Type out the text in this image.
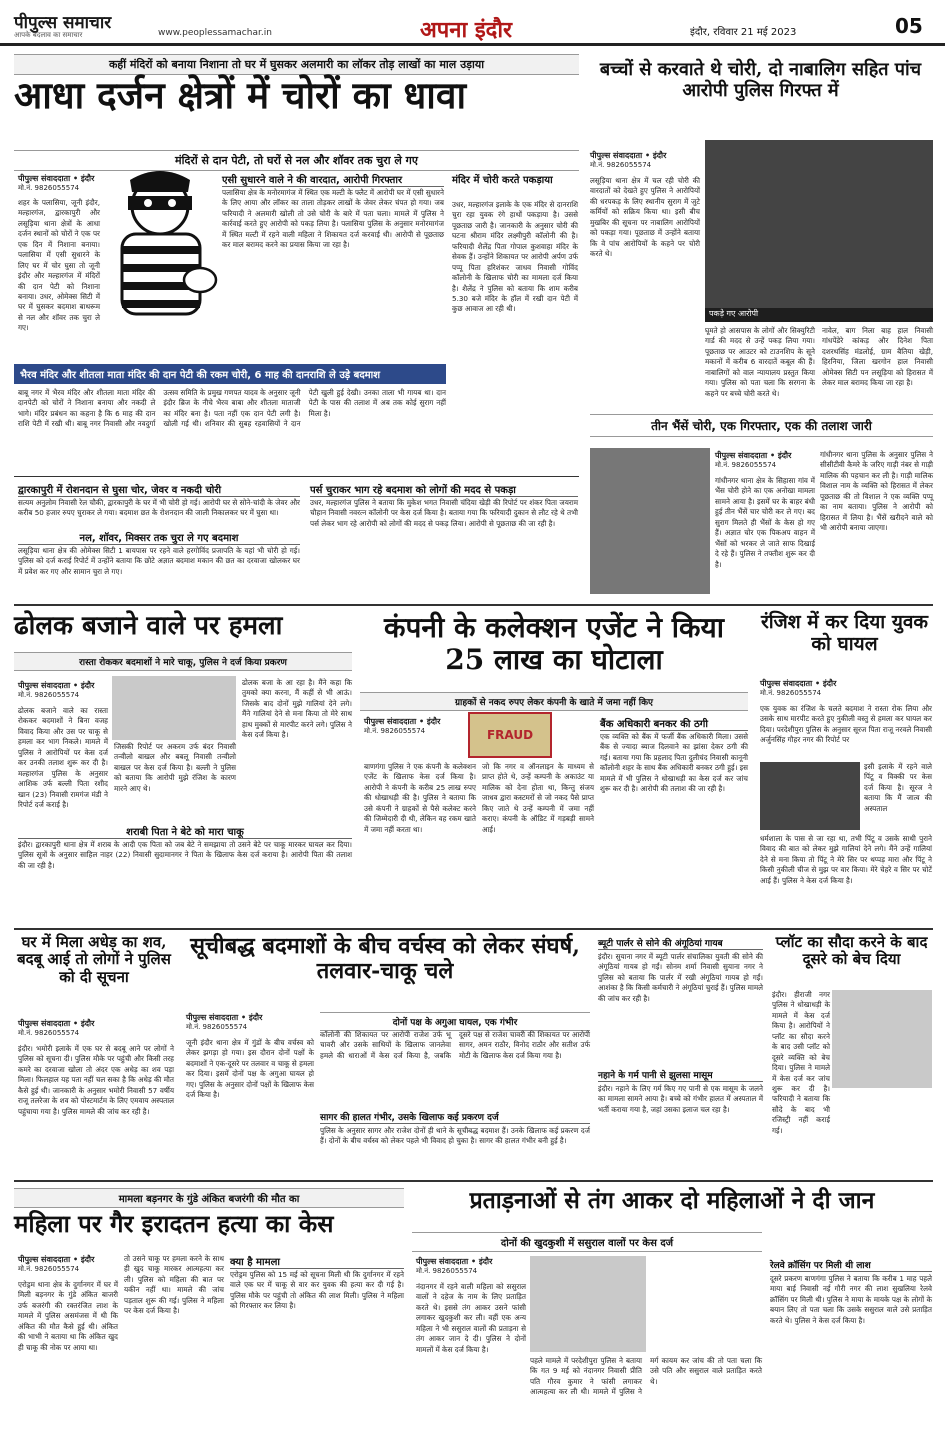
पीपुल्स समाचार
आपके बदलाव का समाचार	www.peoplessamachar.in	अपना इंदौर	इंदौर, रविवार 21 मई 2023	05
कहीं मंदिरों को बनाया निशाना तो घर में घुसकर अलमारी का लॉकर तोड़ लाखों का माल उड़ाया
आधा दर्जन क्षेत्रों में चोरों का धावा
मंदिरों से दान पेटी, तो घरों से नल और शॉवर तक चुरा ले गए
पीपुल्स संवाददाता • इंदौर
मो.नं. 9826055574
शहर के पलासिया, जूनी इंदौर, मल्हारगंज, द्वारकापुरी और लसूड़िया थाना क्षेत्रों के आधा दर्जन स्थानों को चोरों ने एक पर एक दिन में निशाना बनाया। पलासिया में एसी सुधारने के लिए घर में चोर घुसा तो जूनी इंदौर और मल्हारगंज में मंदिरों की दान पेटी को निशाना बनाया। उधर, ओमेक्स सिटी में घर में घुसकर बदमाश बाथरूम से नल और शॉवर तक चुरा ले गए।
एसी सुधारने वाले ने की वारदात, आरोपी गिरफ्तार
पलासिया क्षेत्र के मनोरमागंज में स्थित एक मल्टी के फ्लैट में आरोपी घर में एसी सुधारने के लिए आया और लॉकर का ताला तोड़कर लाखों के जेवर लेकर चंपत हो गया। जब फरियादी ने अलमारी खोली तो उसे चोरी के बारे में पता चला। मामले में पुलिस ने कार्रवाई करते हुए आरोपी को पकड़ लिया है। पलासिया पुलिस के अनुसार मनोरमागंज में स्थित मल्टी में रहने वाली महिला ने शिकायत दर्ज करवाई थी। आरोपी से पूछताछ कर माल बरामद करने का प्रयास किया जा रहा है।
मंदिर में चोरी करते पकड़ाया
उधर, मल्हारगंज इलाके के एक मंदिर से दानराशि चुरा रहा युवक रंगे हाथों पकड़ाया है। उससे पूछताछ जारी है। जानकारी के अनुसार चोरी की घटना श्रीराम मंदिर लक्ष्मीपुरी कॉलोनी की है। फरियादी शैलेंद्र पिता गोपाल कुशवाहा मंदिर के सेवक हैं। उन्होंने शिकायत पर आरोपी अर्पण उर्फ पप्पू पिता हरिशंकर जाधव निवासी गोविंद कॉलोनी के खिलाफ चोरी का मामला दर्ज किया है। शैलेंद्र ने पुलिस को बताया कि शाम करीब 5.30 बजे मंदिर के हॉल में रखी दान पेटी में कुछ आवाज आ रही थी।
भैरव मंदिर और शीतला माता मंदिर की दान पेटी की रकम चोरी, 6 माह की दानराशि ले उड़े बदमाश
बाबू नगर में भैरव मंदिर और शीतला माता मंदिर की दानपेटी को चोरों ने निशाना बनाया और नकदी ले भागे। मंदिर प्रबंधन का कहना है कि 6 माह की दान राशि पेटी में रखी थी। बाबू नगर निवासी और नवदुर्गा उत्सव समिति के प्रमुख गणपत यादव के अनुसार जूनी इंदौर ब्रिज के नीचे भैरव बाबा और शीतला माताजी का मंदिर बना है। पता नहीं एक दान पेटी लगी है। खोली गई थी। शनिवार की सुबह रहवासियों ने दान पेटी खुली हुई देखी। उनका ताला भी गायब था। दान पेटी के पास की तलाश में अब तक कोई सुराग नहीं मिला है।
द्वारकापुरी में रोशनदान से घुसा चोर, जेवर व नकदी चोरी
सत्यम अनुलोम निवासी रेल चौकी, द्वारकापुरी के घर में भी चोरी हो गई। आरोपी घर से सोने-चांदी के जेवर और करीब 50 हजार रुपए चुराकर ले गया। बदमाश छत के रोशनदान की जाली निकालकर घर में घुसा था।
नल, शॉवर, मिक्सर तक चुरा ले गए बदमाश
लसूड़िया थाना क्षेत्र की ओमेक्स सिटी 1 बायपास पर रहने वाले हरगोविंद प्रजापति के यहां भी चोरी हो गई। पुलिस को दर्ज कराई रिपोर्ट में उन्होंने बताया कि छोटे अज्ञात बदमाश मकान की छत का दरवाजा खोलकर घर में प्रवेश कर गए और सामान चुरा ले गए।
पर्स चुराकर भाग रहे बदमाश को लोगों की मदद से पकड़ा
उधर, मल्हारगंज पुलिस ने बताया कि मुकेश भगत निवासी चंदिया खेड़ी की रिपोर्ट पर शंकर पिता जयराम चौहान निवासी नवरत्न कॉलोनी पर केस दर्ज किया है। बताया गया कि फरियादी दुकान से लौट रहे थे तभी पर्स लेकर भाग रहे आरोपी को लोगों की मदद से पकड़ लिया। आरोपी से पूछताछ की जा रही है।
बच्चों से करवाते थे चोरी, दो नाबालिग सहित पांच आरोपी पुलिस गिरफ्त में
पीपुल्स संवाददाता • इंदौर
मो.नं. 9826055574
लसूड़िया थाना क्षेत्र में चल रही चोरी की वारदातों को देखते हुए पुलिस ने आरोपियों की धरपकड़ के लिए स्थानीय सुराग में जुटे कर्मियों को सक्रिय किया था। इसी बीच मुखबिर की सूचना पर नाबालिग आरोपियों को पकड़ा गया। पूछताछ में उन्होंने बताया कि वे पांच आरोपियों के कहने पर चोरी करते थे।
पकड़े गए आरोपी
घूमते हो आसपास के लोगों और सिक्युरिटी गार्ड की मदद से उन्हें पकड़ लिया गया। पूछताछ पर आउटर को टाउनशिप के सूने मकानों में करीब 6 वारदातें कबूल की हैं। नाबालिगों को वाल न्यायालय प्रस्तुत किया गया। पुलिस को पता चला कि सरगना के कहने पर बच्चे चोरी करते थे।
नावेल, बाग निला बाह हाल निवासी गांधपेंडेरे कांकड़ और दिनेश पिता दशरथसिंह मंडलोई, ग्राम बैतिया खेड़ी, हिरनिया, जिला खरगोन हाल निवासी ओमेक्स सिटी पन लसूड़िया को हिरासत में लेकर माल बरामद किया जा रहा है।
तीन भैंसें चोरी, एक गिरफ्तार, एक की तलाश जारी
पीपुल्स संवाददाता • इंदौर
मो.नं. 9826055574
गांधीनगर थाना क्षेत्र के सिहासा गांव में भैंस चोरी होने का एक अनोखा मामला सामने आया है। इसमें घर के बाहर बंधी हुई तीन भैंसें चार चोरी कर ले गए। बद सुराग मिलते ही भैंसों के केस हो गए हैं। अज्ञात चोर एक पिकअप वाहन में भैंसों को भरकर ले जाते साफ दिखाई दे रहे हैं। पुलिस ने तफ्तीश शुरू कर दी है।
गांधीनगर थाना पुलिस के अनुसार पुलिस ने सीसीटीवी कैमरे के जरिए गाड़ी नंबर से गाड़ी मालिक की पहचान कर ली है। गाड़ी मालिक विशाल नाम के व्यक्ति को हिरासत में लेकर पूछताछ की तो विशाल ने एक व्यक्ति पप्पू का नाम बताया। पुलिस ने आरोपी को हिरासत में लिया है। भैंसें खरीदने वाले को भी आरोपी बनाया जाएगा।
ढोलक बजाने वाले पर हमला
रास्ता रोककर बदमाशों ने मारे चाकू, पुलिस ने दर्ज किया प्रकरण
पीपुल्स संवाददाता • इंदौर
मो.नं. 9826055574
ढोलक बजाने वाले का रास्ता रोककर बदमाशों ने बिना वजह विवाद किया और उस पर चाकू से हमला कर भाग निकले। मामले में पुलिस ने आरोपियों पर केस दर्ज कर उनकी तलाश शुरू कर दी है। मल्हारगंज पुलिस के अनुसार आशिक उर्फ बल्ली पिता रशीद खान (23) निवासी रामगंज मंडी ने रिपोर्ट दर्ज कराई है।
जिसकी रिपोर्ट पर अकरम उर्फ बंदर निवासी तन्वीलो बाखल और बबलू निवासी तन्वीलो बाखल पर केस दर्ज किया है। बल्ली ने पुलिस को बताया कि आरोपी मुझे रंजिश के कारण मारने आए थे।
ढोलक बजा के आ रहा है। मैंने कहा कि तुमको क्या करना, मैं कहीं से भी आऊं। जिसके बाद दोनों मुझे गालियां देने लगे। मैंने गालियां देने से मना किया तो मेरे साथ हाथ मुक्कों से मारपीट करने लगे। पुलिस ने केस दर्ज किया है।
शराबी पिता ने बेटे को मारा चाकू
इंदौर। द्वारकापुरी थाना क्षेत्र में शराब के आदी एक पिता को जब बेटे ने समझाया तो उसने बेटे पर चाकू मारकर घायल कर दिया। पुलिस सूत्रों के अनुसार साहिल नाहर (22) निवासी सुदामानगर ने पिता के खिलाफ केस दर्ज कराया है। आरोपी पिता की तलाश की जा रही है।
कंपनी के कलेक्शन एजेंट ने किया 25 लाख का घोटाला
ग्राहकों से नकद रुपए लेकर कंपनी के खाते में जमा नहीं किए
पीपुल्स संवाददाता • इंदौर
मो.नं. 9826055574	FRAUD
बाणगंगा पुलिस ने एक कंपनी के कलेक्शन एजेंट के खिलाफ केस दर्ज किया है। आरोपी ने कंपनी के करीब 25 लाख रुपए की धोखाधड़ी की है। पुलिस ने बताया कि उसे कंपनी ने ग्राहकों से पैसे कलेक्ट करने की जिम्मेदारी दी थी, लेकिन वह रकम खाते में जमा नहीं करता था।
जो कि नगर व ऑनलाइन के माध्यम से प्राप्त होते थे, उन्हें कम्पनी के अकाउंट या मालिक को देना होता था, किन्तु संजय जाधव द्वारा कस्टमरों से जो नकद पैसे प्राप्त किए जाते थे उन्हें कम्पनी में जमा नहीं कराए। कंपनी के ऑडिट में गड़बड़ी सामने आई।
बैंक अधिकारी बनकर की ठगी
एक व्यक्ति को बैंक में फर्जी बैंक अधिकारी मिला। उससे बैंक से ज्यादा ब्याज दिलवाने का झांसा देकर ठगी की गई। बताया गया कि प्रहलाद पिता दुलीचंद निवासी कानूनी कॉलोनी शहर के साथ बैंक अधिकारी बनकर ठगी हुई। इस मामले में भी पुलिस ने धोखाधड़ी का केस दर्ज कर जांच शुरू कर दी है। आरोपी की तलाश की जा रही है।
रंजिश में कर दिया युवक को घायल
पीपुल्स संवाददाता • इंदौर
मो.नं. 9826055574
एक युवक का रंजिश के चलते बदमाश ने रास्ता रोक लिया और उसके साथ मारपीट करते हुए नुकीली वस्तु से हमला कर घायल कर दिया। परदेशीपुरा पुलिस के अनुसार सूरज पिता राजू नरवले निवासी अर्जुनसिंह गौहर नगर की रिपोर्ट पर
इसी इलाके में रहने वाले पिंटू व विक्की पर केस दर्ज किया है। सूरज ने बताया कि मैं जात्व की अस्पताल
धर्मशाला के पास से जा रहा था, तभी पिंटू व उसके साथी पुराने विवाद की बात को लेकर मुझे गालियां देने लगे। मैंने उन्हें गालियां देने से मना किया तो पिंटू ने मेरे सिर पर थप्पड़ मारा और पिंटू ने किसी नुकीली चीज से मुझ पर वार किया। मेरे चेहरे व सिर पर चोटें आई हैं। पुलिस ने केस दर्ज किया है।
घर में मिला अधेड़ का शव, बदबू आई तो लोगों ने पुलिस को दी सूचना
पीपुल्स संवाददाता • इंदौर
मो.नं. 9826055574
इंदौर। भमोरी इलाके में एक घर से बदबू आने पर लोगों ने पुलिस को सूचना दी। पुलिस मौके पर पहुंची और किसी तरह कमरे का दरवाजा खोला तो अंदर एक अधेड़ का शव पड़ा मिला। फिलहाल यह पता नहीं चल सका है कि अधेड़ की मौत कैसे हुई थी। जानकारी के अनुसार भमोरी निवासी 57 वर्षीय राजू तलरेजा के शव को पोस्टमार्टम के लिए एमवाय अस्पताल पहुंचाया गया है। पुलिस मामले की जांच कर रही है।
सूचीबद्ध बदमाशों के बीच वर्चस्व को लेकर संघर्ष, तलवार-चाकू चले
पीपुल्स संवाददाता • इंदौर
मो.नं. 9826055574	दोनों पक्ष के अगुआ घायल, एक गंभीर
जूनी इंदौर थाना क्षेत्र में गुंडों के बीच वर्चस्व को लेकर झगड़ा हो गया। इस दौरान दोनों पक्षों के बदमाशों ने एक-दूसरे पर तलवार व चाकू से हमला कर दिया। इसमें दोनों पक्ष के अगुआ घायल हो गए। पुलिस के अनुसार दोनों पक्षों के खिलाफ केस दर्ज किया है।
कॉलोनी की शिकायत पर आरोपी राजेश उर्फ भू चावरी और उसके साथियों के खिलाफ जानलेवा हमले की धाराओं में केस दर्ज किया है, जबकि दूसरे पक्ष से राजेश चावरी की शिकायत पर आरोपी सागर, अमन राठौर, विनोद राठौर और सतीश उर्फ मोटी के खिलाफ केस दर्ज किया गया है।
सागर की हालत गंभीर, उसके खिलाफ कई प्रकरण दर्ज
पुलिस के अनुसार सागर और राजेश दोनों ही थाने के सूचीबद्ध बदमाश हैं। उनके खिलाफ कई प्रकरण दर्ज हैं। दोनों के बीच वर्चस्व को लेकर पहले भी विवाद हो चुका है। सागर की हालत गंभीर बनी हुई है।
ब्यूटी पार्लर से सोने की अंगूठियां गायब
इंदौर। सुयाना नगर में ब्यूटी पार्लर संचालिका युवती की सोने की अंगूठियां गायब हो गईं। सोनम शर्मा निवासी सुयाना नगर ने पुलिस को बताया कि पार्लर में रखी अंगूठियां गायब हो गईं। आशंका है कि किसी कर्मचारी ने अंगूठियां चुराई हैं। पुलिस मामले की जांच कर रही है।
नहाने के गर्म पानी से झुलसा मासूम
इंदौर। नहाने के लिए गर्म किए गए पानी से एक मासूम के जलने का मामला सामने आया है। बच्चे को गंभीर हालत में अस्पताल में भर्ती कराया गया है, जहां उसका इलाज चल रहा है।
प्लॉट का सौदा करने के बाद दूसरे को बेच दिया
इंदौर। हीराजी नगर पुलिस ने धोखाधड़ी के मामले में केस दर्ज किया है। आरोपियों ने प्लॉट का सौदा करने के बाद उसी प्लॉट को दूसरे व्यक्ति को बेच दिया। पुलिस ने मामले में केस दर्ज कर जांच शुरू कर दी है। फरियादी ने बताया कि सौदे के बाद भी रजिस्ट्री नहीं कराई गई।
मामला बड़नगर के गुंडे अंकित बजरंगी की मौत का
महिला पर गैर इरादतन हत्या का केस
पीपुल्स संवाददाता • इंदौर
मो.नं. 9826055574
एरोड्रम थाना क्षेत्र के दुर्गानगर में घर में मिली बड़नगर के गुंडे अंकित बाजरी उर्फ बजरंगी की रक्तरंजित लाश के मामले में पुलिस असमंजस में थी कि अंकित की मौत कैसे हुई थी। अंकित की भाभी ने बताया था कि अंकित खुद ही चाकू की नोक पर आया था।
तो उसने चाकू पर हमला करने के साथ ही खुद चाकू मारकर आत्महत्या कर ली। पुलिस को महिला की बात पर यकीन नहीं था। मामले की जांच पड़ताल शुरू की गई। पुलिस ने महिला पर केस दर्ज किया है।
क्या है मामला
एरोड्रम पुलिस को 15 मई को सूचना मिली थी कि दुर्गानगर में रहने वाले एक घर में चाकू से वार कर युवक की हत्या कर दी गई है। पुलिस मौके पर पहुंची तो अंकित की लाश मिली। पुलिस ने महिला को गिरफ्तार कर लिया है।
प्रताड़नाओं से तंग आकर दो महिलाओं ने दी जान
दोनों की खुदकुशी में ससुराल वालों पर केस दर्ज
पीपुल्स संवाददाता • इंदौर
मो.नं. 9826055574
नंदानगर में रहने वाली महिला को ससुराल वालों ने दहेज के नाम के लिए प्रताड़ित करते थे। इससे तंग आकर उसने फांसी लगाकर खुदकुशी कर ली। वहीं एक अन्य महिला ने भी ससुराल वालों की प्रताड़ना से तंग आकर जान दे दी। पुलिस ने दोनों मामलों में केस दर्ज किया है।
पहले मामले में परदेशीपुरा पुलिस ने बताया कि गत 9 मई को नंदानगर निवासी प्रीति पति गौरव कुमार ने फांसी लगाकर आत्महत्या कर ली थी। मामले में पुलिस ने मर्ग कायम कर जांच की तो पता चला कि उसे पति और ससुराल वाले प्रताड़ित करते थे।
रेलवे क्रॉसिंग पर मिली थी लाश
दूसरे प्रकरण बाणगंगा पुलिस ने बताया कि करीब 1 माह पहले माया बाई निवासी नई गौरी नगर की लाश सुखलिया रेलवे क्रॉसिंग पर मिली थी। पुलिस ने माया के मायके पक्ष के लोगों के बयान लिए तो पता चला कि उसके ससुराल वाले उसे प्रताड़ित करते थे। पुलिस ने केस दर्ज किया है।
